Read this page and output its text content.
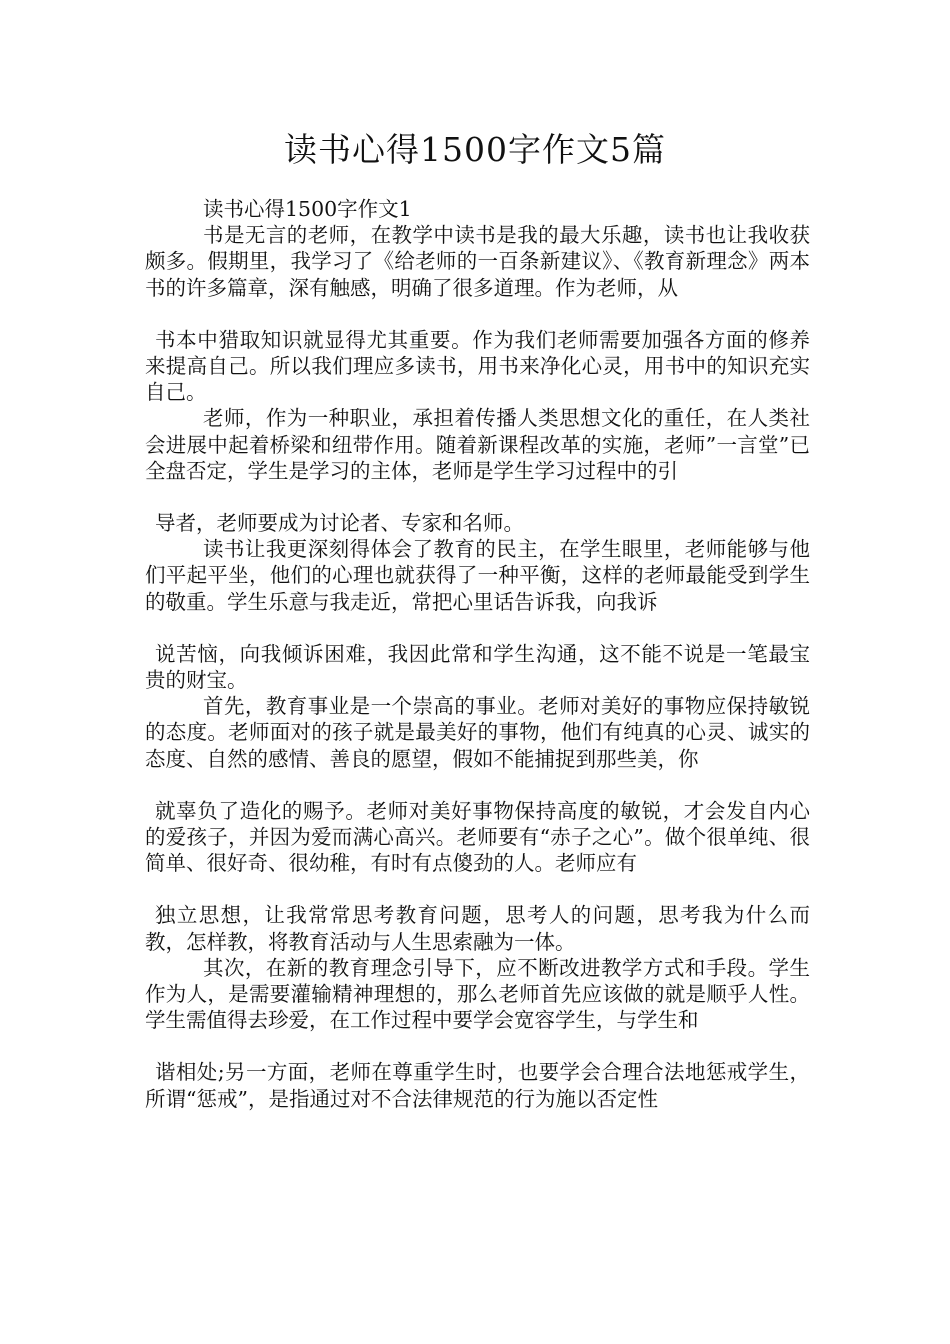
读书心得1500字作文5篇

读书心得1500字作文1

书是无言的老师，在教学中读书是我的最大乐趣，读书也让我收获颇多。假期里，我学习了《给老师的一百条新建议》、《教育新理念》两本书的许多篇章，深有触感，明确了很多道理。作为老师，从

书本中猎取知识就显得尤其重要。作为我们老师需要加强各方面的修养来提高自己。所以我们理应多读书，用书来净化心灵，用书中的知识充实自己。

老师，作为一种职业，承担着传播人类思想文化的重任，在人类社会进展中起着桥梁和纽带作用。随着新课程改革的实施，老师”一言堂”已全盘否定，学生是学习的主体，老师是学生学习过程中的引

导者，老师要成为讨论者、专家和名师。

读书让我更深刻得体会了教育的民主，在学生眼里，老师能够与他们平起平坐，他们的心理也就获得了一种平衡，这样的老师最能受到学生的敬重。学生乐意与我走近，常把心里话告诉我，向我诉

说苦恼，向我倾诉困难，我因此常和学生沟通，这不能不说是一笔最宝贵的财宝。

首先，教育事业是一个崇高的事业。老师对美好的事物应保持敏锐的态度。老师面对的孩子就是最美好的事物，他们有纯真的心灵、诚实的态度、自然的感情、善良的愿望，假如不能捕捉到那些美，你

就辜负了造化的赐予。老师对美好事物保持高度的敏锐，才会发自内心的爱孩子，并因为爱而满心高兴。老师要有“赤子之心”。做个很单纯、很简单、很好奇、很幼稚，有时有点傻劲的人。老师应有

独立思想，让我常常思考教育问题，思考人的问题，思考我为什么而教，怎样教，将教育活动与人生思索融为一体。

其次，在新的教育理念引导下，应不断改进教学方式和手段。学生作为人，是需要灌输精神理想的，那么老师首先应该做的就是顺乎人性。学生需值得去珍爱，在工作过程中要学会宽容学生，与学生和

谐相处;另一方面，老师在尊重学生时，也要学会合理合法地惩戒学生，所谓“惩戒”，是指通过对不合法律规范的行为施以否定性
